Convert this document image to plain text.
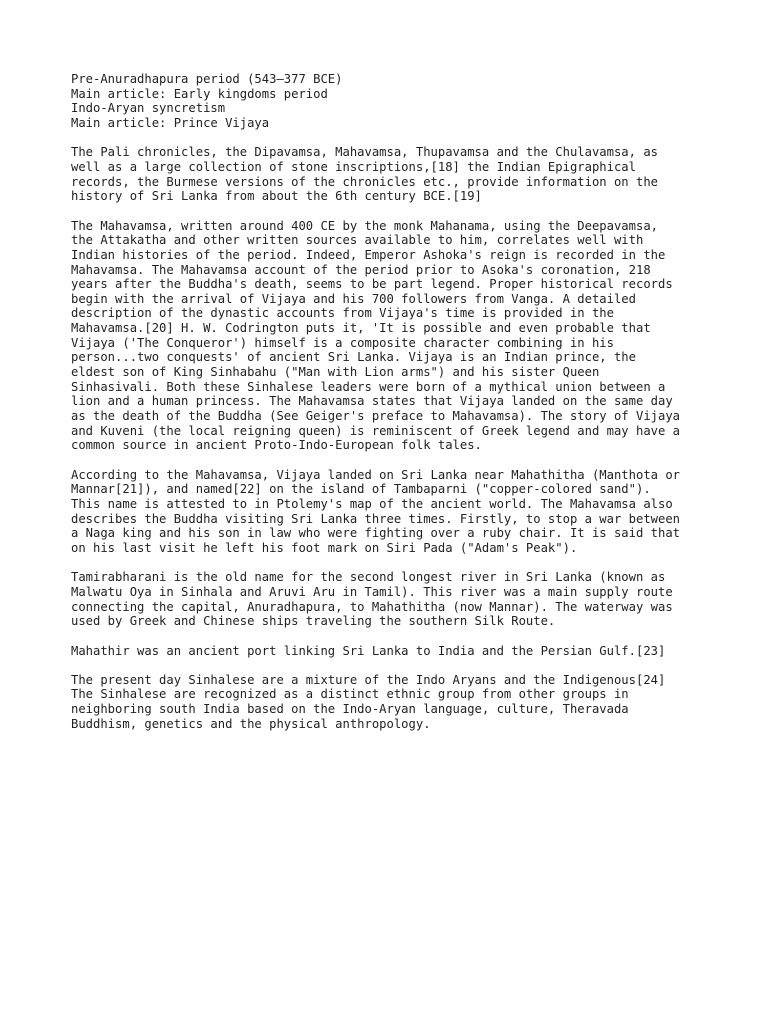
Pre-Anuradhapura period (543–377 BCE)
Main article: Early kingdoms period
Indo-Aryan syncretism
Main article: Prince Vijaya
The Pali chronicles, the Dipavamsa, Mahavamsa, Thupavamsa and the Chulavamsa, as
well as a large collection of stone inscriptions,[18] the Indian Epigraphical
records, the Burmese versions of the chronicles etc., provide information on the
history of Sri Lanka from about the 6th century BCE.[19]
The Mahavamsa, written around 400 CE by the monk Mahanama, using the Deepavamsa,
the Attakatha and other written sources available to him, correlates well with
Indian histories of the period. Indeed, Emperor Ashoka's reign is recorded in the
Mahavamsa. The Mahavamsa account of the period prior to Asoka's coronation, 218
years after the Buddha's death, seems to be part legend. Proper historical records
begin with the arrival of Vijaya and his 700 followers from Vanga. A detailed
description of the dynastic accounts from Vijaya's time is provided in the
Mahavamsa.[20] H. W. Codrington puts it, 'It is possible and even probable that
Vijaya ('The Conqueror') himself is a composite character combining in his
person...two conquests' of ancient Sri Lanka. Vijaya is an Indian prince, the
eldest son of King Sinhabahu ("Man with Lion arms") and his sister Queen
Sinhasivali. Both these Sinhalese leaders were born of a mythical union between a
lion and a human princess. The Mahavamsa states that Vijaya landed on the same day
as the death of the Buddha (See Geiger's preface to Mahavamsa). The story of Vijaya
and Kuveni (the local reigning queen) is reminiscent of Greek legend and may have a
common source in ancient Proto-Indo-European folk tales.
According to the Mahavamsa, Vijaya landed on Sri Lanka near Mahathitha (Manthota or
Mannar[21]), and named[22] on the island of Tambaparni ("copper-colored sand").
This name is attested to in Ptolemy's map of the ancient world. The Mahavamsa also
describes the Buddha visiting Sri Lanka three times. Firstly, to stop a war between
a Naga king and his son in law who were fighting over a ruby chair. It is said that
on his last visit he left his foot mark on Siri Pada ("Adam's Peak").
Tamirabharani is the old name for the second longest river in Sri Lanka (known as
Malwatu Oya in Sinhala and Aruvi Aru in Tamil). This river was a main supply route
connecting the capital, Anuradhapura, to Mahathitha (now Mannar). The waterway was
used by Greek and Chinese ships traveling the southern Silk Route.
Mahathir was an ancient port linking Sri Lanka to India and the Persian Gulf.[23]
The present day Sinhalese are a mixture of the Indo Aryans and the Indigenous[24]
The Sinhalese are recognized as a distinct ethnic group from other groups in
neighboring south India based on the Indo-Aryan language, culture, Theravada
Buddhism, genetics and the physical anthropology.
